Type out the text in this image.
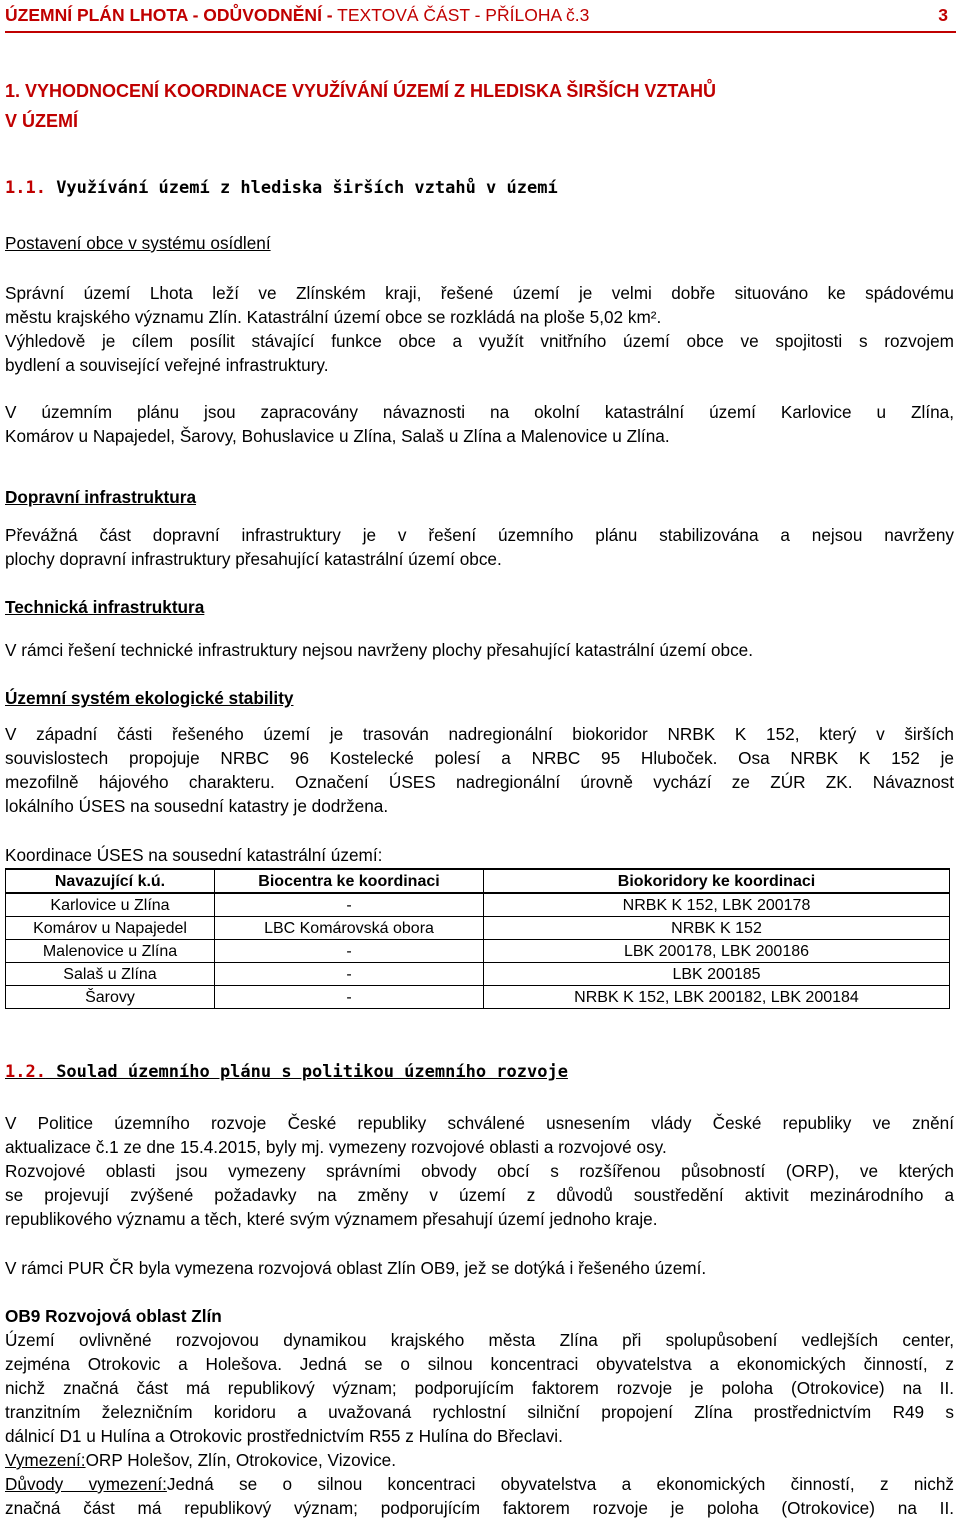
ÚZEMNÍ PLÁN LHOTA - ODŮVODNĚNÍ - TEXTOVÁ ČÁST - PŘÍLOHA č.3	3
1. VYHODNOCENÍ KOORDINACE VYUŽÍVÁNÍ ÚZEMÍ Z HLEDISKA ŠIRŠÍCH VZTAHŮ
V ÚZEMÍ
1.1. Využívání území z hlediska širších vztahů v území
Postavení obce v systému osídlení
Správní území Lhota leží ve Zlínském kraji, řešené území je velmi dobře situováno ke spádovému
městu krajského významu Zlín. Katastrální území obce se rozkládá na ploše 5,02 km².
Výhledově je cílem posílit stávající funkce obce a využít vnitřního území obce ve spojitosti s rozvojem
bydlení a související veřejné infrastruktury.
V územním plánu jsou zapracovány návaznosti na okolní katastrální území Karlovice u Zlína,
Komárov u Napajedel, Šarovy, Bohuslavice u Zlína, Salaš u Zlína a Malenovice u Zlína.
Dopravní infrastruktura
Převážná část dopravní infrastruktury je v řešení územního plánu stabilizována a nejsou navrženy
plochy dopravní infrastruktury přesahující katastrální území obce.
Technická infrastruktura
V rámci řešení technické infrastruktury nejsou navrženy plochy přesahující katastrální území obce.
Územní systém ekologické stability
V západní části řešeného území je trasován nadregionální biokoridor NRBK K 152, který v širších
souvislostech propojuje NRBC 96 Kostelecké polesí a NRBC 95 Hluboček. Osa NRBK K 152 je
mezofilně hájového charakteru. Označení ÚSES nadregionální úrovně vychází ze ZÚR ZK. Návaznost
lokálního ÚSES na sousední katastry je dodržena.
Koordinace ÚSES na sousední katastrální území:
Navazující k.ú.	Biocentra ke koordinaci	Biokoridory ke koordinaci
Karlovice u Zlína	-	NRBK K 152, LBK 200178
Komárov u Napajedel	LBC Komárovská obora	NRBK K 152
Malenovice u Zlína	-	LBK 200178, LBK 200186
Salaš u Zlína	-	LBK 200185
Šarovy	-	NRBK K 152, LBK 200182, LBK 200184
1.2. Soulad územního plánu s politikou územního rozvoje
V Politice územního rozvoje České republiky schválené usnesením vlády České republiky ve znění
aktualizace č.1 ze dne 15.4.2015, byly mj. vymezeny rozvojové oblasti a rozvojové osy.
Rozvojové oblasti jsou vymezeny správními obvody obcí s rozšířenou působností (ORP), ve kterých
se projevují zvýšené požadavky na změny v území z důvodů soustředění aktivit mezinárodního a
republikového významu a těch, které svým významem přesahují území jednoho kraje.
V rámci PUR ČR byla vymezena rozvojová oblast Zlín OB9, jež se dotýká i řešeného území.
OB9 Rozvojová oblast Zlín
Území ovlivněné rozvojovou dynamikou krajského města Zlína při spolupůsobení vedlejších center,
zejména Otrokovic a Holešova. Jedná se o silnou koncentraci obyvatelstva a ekonomických činností, z
nichž značná část má republikový význam; podporujícím faktorem rozvoje je poloha (Otrokovice) na II.
tranzitním železničním koridoru a uvažovaná rychlostní silniční propojení Zlína prostřednictvím R49 s
dálnicí D1 u Hulína a Otrokovic prostřednictvím R55 z Hulína do Břeclavi.
Vymezení:ORP Holešov, Zlín, Otrokovice, Vizovice.
Důvody vymezení:Jedná se o silnou koncentraci obyvatelstva a ekonomických činností, z nichž
značná část má republikový význam; podporujícím faktorem rozvoje je poloha (Otrokovice) na II.
